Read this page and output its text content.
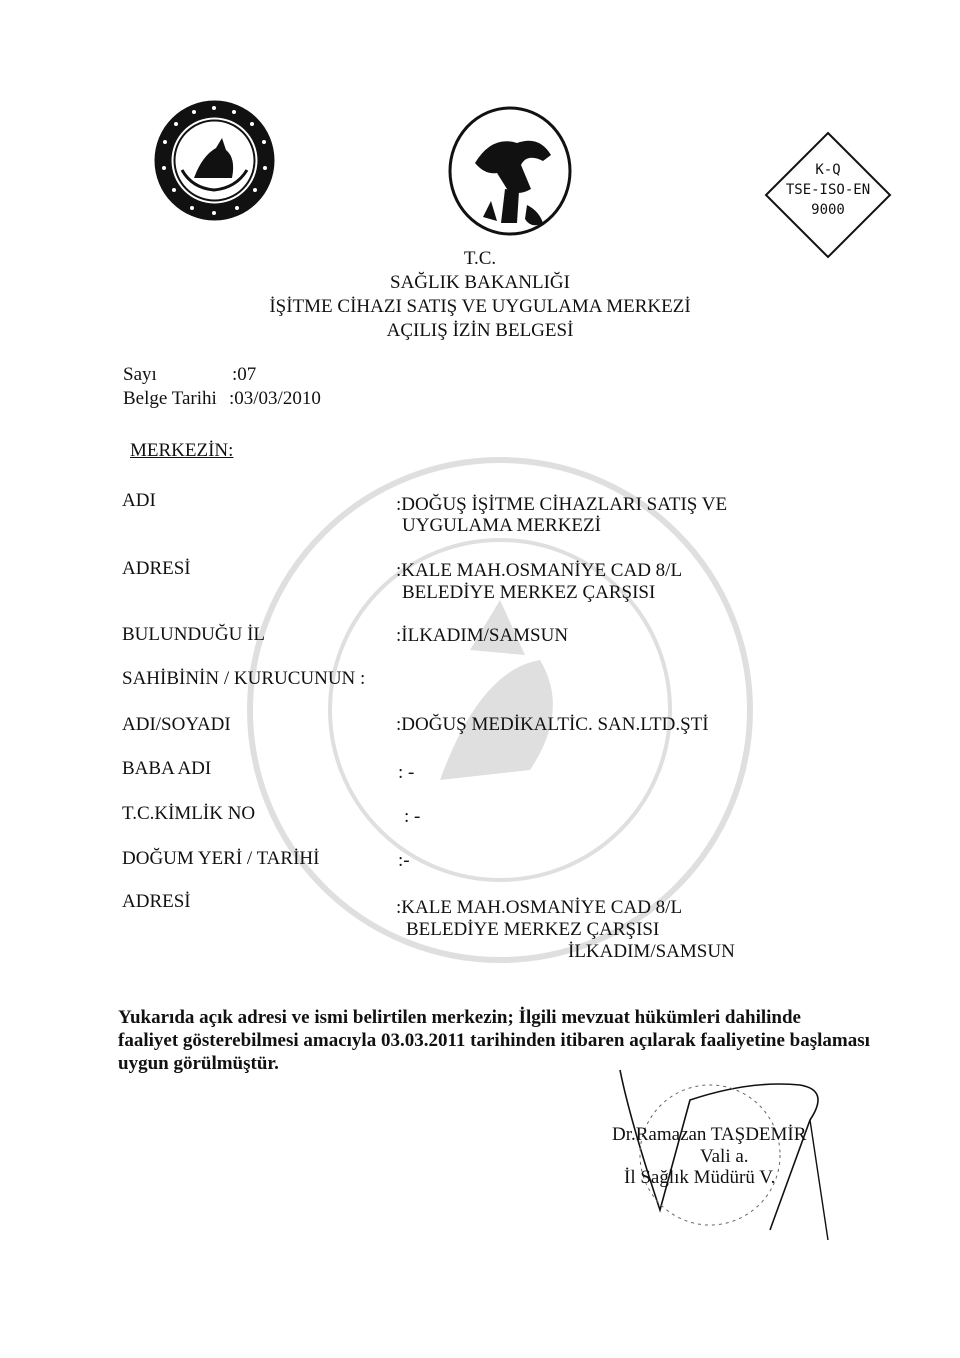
K-Q
TSE-ISO-EN
9000
T.C.
SAĞLIK BAKANLIĞI
İŞİTME CİHAZI SATIŞ VE UYGULAMA MERKEZİ
AÇILIŞ İZİN BELGESİ
Sayı	:07
Belge Tarihi :03/03/2010
MERKEZİN:
ADI	:DOĞUŞ İŞİTME CİHAZLARI SATIŞ VE
UYGULAMA MERKEZİ
ADRESİ	:KALE MAH.OSMANİYE CAD 8/L
BELEDİYE MERKEZ ÇARŞISI
BULUNDUĞU İL	:İLKADIM/SAMSUN
SAHİBİNİN / KURUCUNUN :
ADI/SOYADI	:DOĞUŞ MEDİKALTİC. SAN.LTD.ŞTİ
BABA ADI	: -
T.C.KİMLİK NO	: -
DOĞUM YERİ / TARİHİ	:-
ADRESİ	:KALE MAH.OSMANİYE CAD 8/L
BELEDİYE MERKEZ ÇARŞISI
İLKADIM/SAMSUN
Yukarıda açık adresi ve ismi belirtilen merkezin; İlgili mevzuat hükümleri dahilinde
faaliyet gösterebilmesi amacıyla 03.03.2011 tarihinden itibaren açılarak faaliyetine başlaması
uygun görülmüştür.
Dr.Ramazan TAŞDEMİR
Vali a.
İl Sağlık Müdürü V.
